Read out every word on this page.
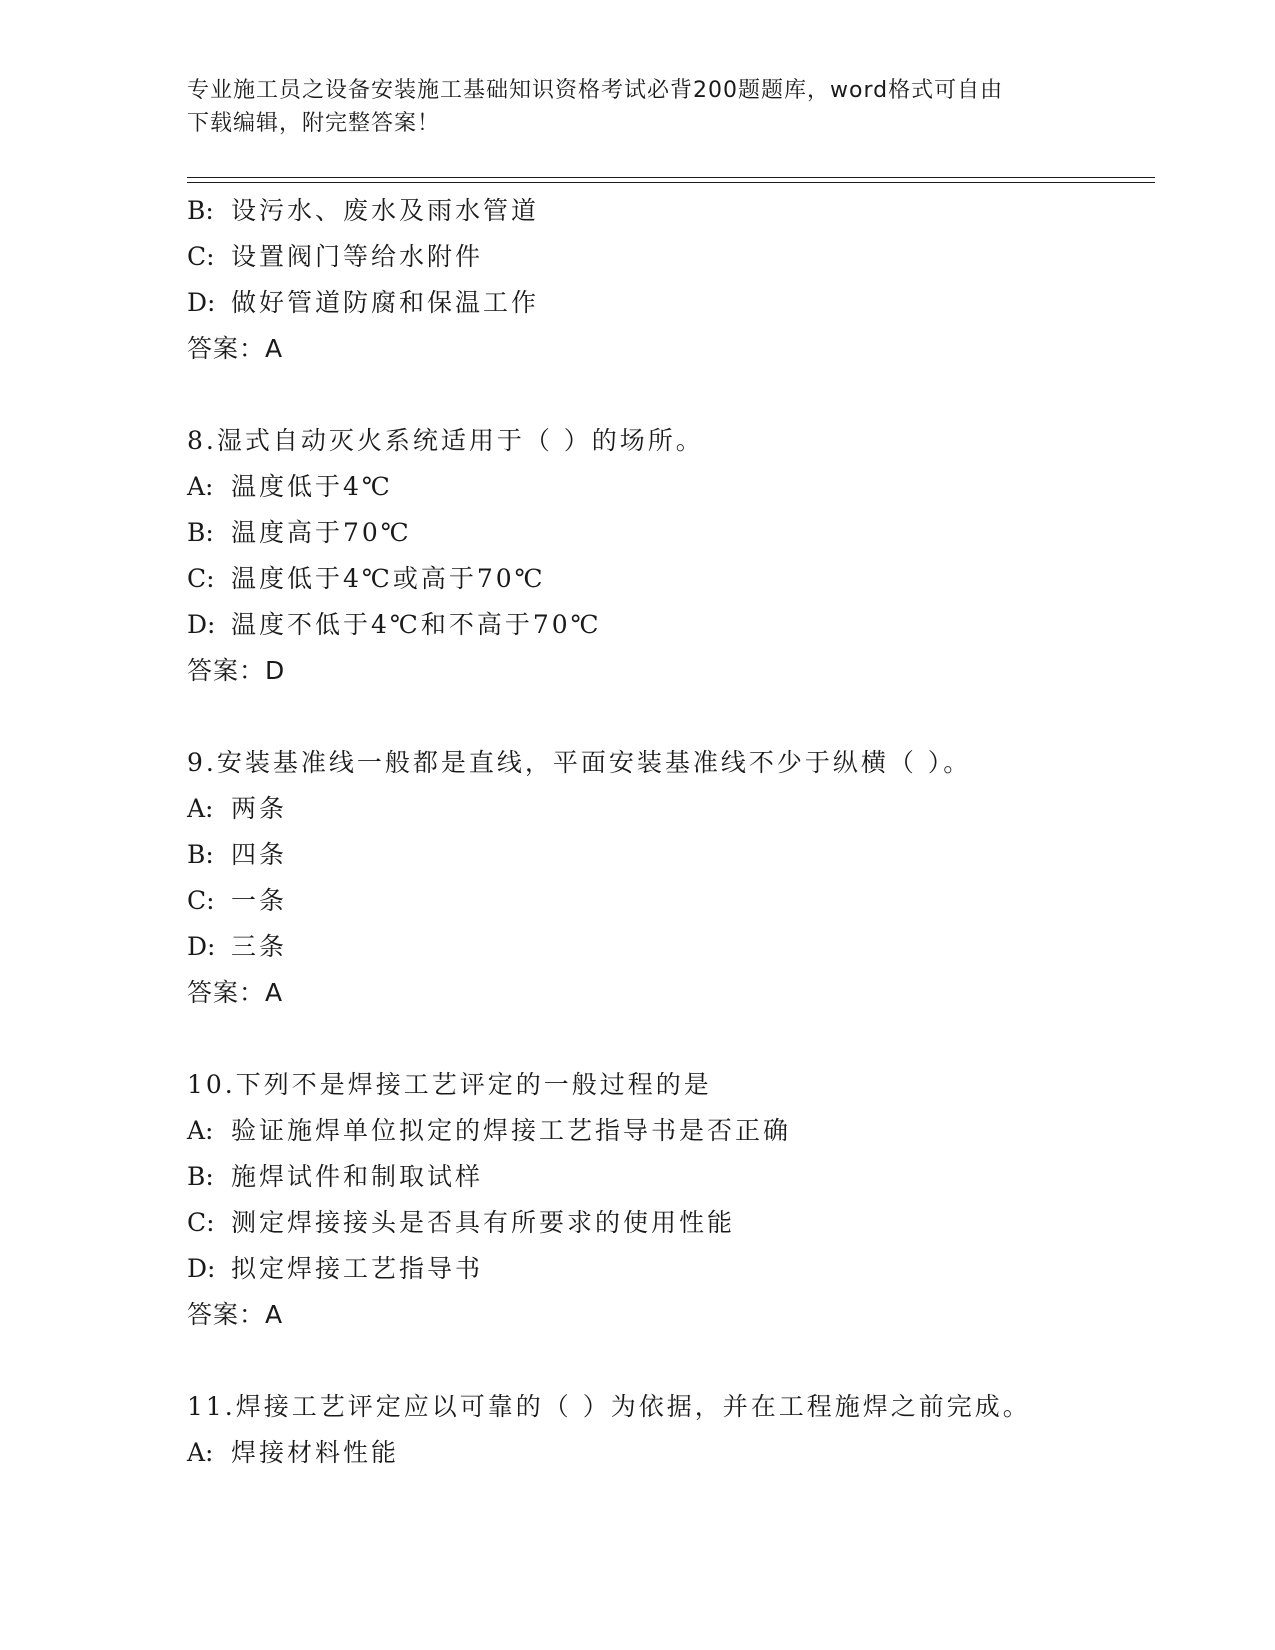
专业施工员之设备安装施工基础知识资格考试必背200题题库，word格式可自由
下载编辑，附完整答案！
B: 设污水、废水及雨水管道
C: 设置阀门等给水附件
D: 做好管道防腐和保温工作
答案：A
8.湿式自动灭火系统适用于（ ）的场所。
A: 温度低于4℃
B: 温度高于70℃
C: 温度低于4℃或高于70℃
D: 温度不低于4℃和不高于70℃
答案：D
9.安装基准线一般都是直线，平面安装基准线不少于纵横（ ）。
A: 两条
B: 四条
C: 一条
D: 三条
答案：A
10.下列不是焊接工艺评定的一般过程的是
A: 验证施焊单位拟定的焊接工艺指导书是否正确
B: 施焊试件和制取试样
C: 测定焊接接头是否具有所要求的使用性能
D: 拟定焊接工艺指导书
答案：A
11.焊接工艺评定应以可靠的（ ）为依据，并在工程施焊之前完成。
A: 焊接材料性能
